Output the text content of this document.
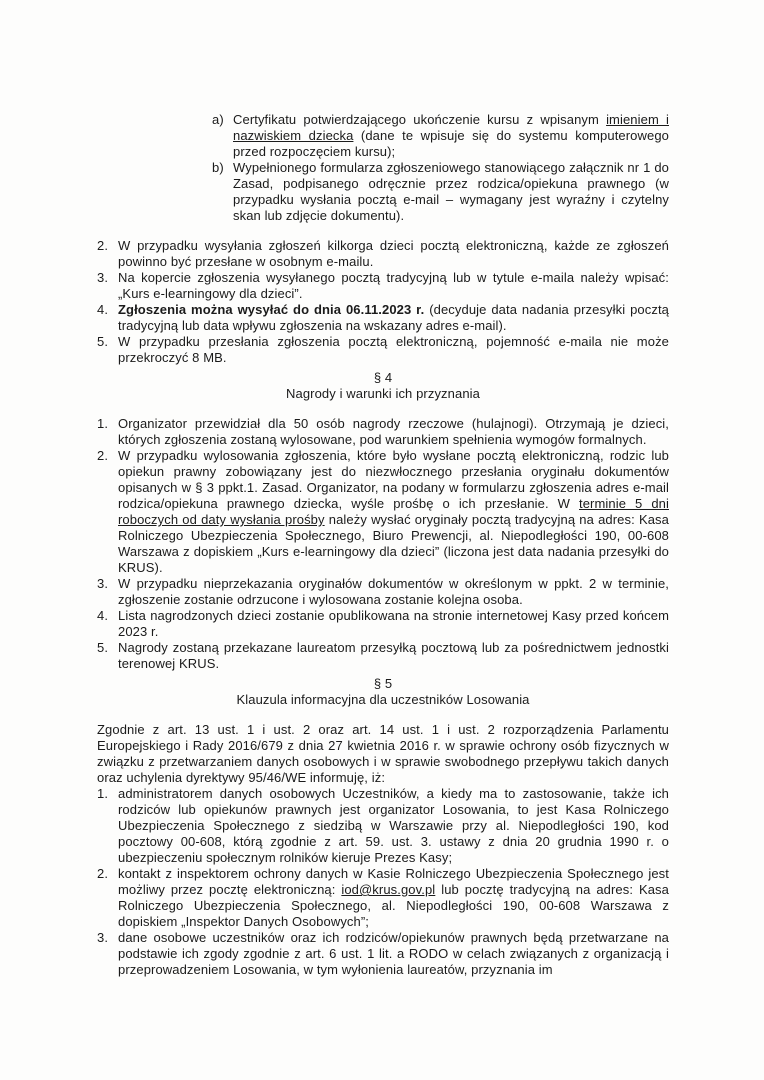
a) Certyfikatu potwierdzającego ukończenie kursu z wpisanym imieniem i nazwiskiem dziecka (dane te wpisuje się do systemu komputerowego przed rozpoczęciem kursu);
b) Wypełnionego formularza zgłoszeniowego stanowiącego załącznik nr 1 do Zasad, podpisanego odręcznie przez rodzica/opiekuna prawnego (w przypadku wysłania pocztą e-mail – wymagany jest wyraźny i czytelny skan lub zdjęcie dokumentu).
2. W przypadku wysyłania zgłoszeń kilkorga dzieci pocztą elektroniczną, każde ze zgłoszeń powinno być przesłane w osobnym e-mailu.
3. Na kopercie zgłoszenia wysyłanego pocztą tradycyjną lub w tytule e-maila należy wpisać: „Kurs e-learningowy dla dzieci”.
4. Zgłoszenia można wysyłać do dnia 06.11.2023 r. (decyduje data nadania przesyłki pocztą tradycyjną lub data wpływu zgłoszenia na wskazany adres e-mail).
5. W przypadku przesłania zgłoszenia pocztą elektroniczną, pojemność e-maila nie może przekroczyć 8 MB.
§ 4
Nagrody i warunki ich przyznania
1. Organizator przewidział dla 50 osób nagrody rzeczowe (hulajnogi). Otrzymają je dzieci, których zgłoszenia zostaną wylosowane, pod warunkiem spełnienia wymogów formalnych.
2. W przypadku wylosowania zgłoszenia, które było wysłane pocztą elektroniczną, rodzic lub opiekun prawny zobowiązany jest do niezwłocznego przesłania oryginału dokumentów opisanych w § 3 ppkt.1. Zasad. Organizator, na podany w formularzu zgłoszenia adres e-mail rodzica/opiekuna prawnego dziecka, wyśle prośbę o ich przesłanie. W terminie 5 dni roboczych od daty wysłania prośby należy wysłać oryginały pocztą tradycyjną na adres: Kasa Rolniczego Ubezpieczenia Społecznego, Biuro Prewencji, al. Niepodległości 190, 00-608 Warszawa z dopiskiem „Kurs e-learningowy dla dzieci” (liczona jest data nadania przesyłki do KRUS).
3. W przypadku nieprzekazania oryginałów dokumentów w określonym w ppkt. 2 w terminie, zgłoszenie zostanie odrzucone i wylosowana zostanie kolejna osoba.
4. Lista nagrodzonych dzieci zostanie opublikowana na stronie internetowej Kasy przed końcem 2023 r.
5. Nagrody zostaną przekazane laureatom przesyłką pocztową lub za pośrednictwem jednostki terenowej KRUS.
§ 5
Klauzula informacyjna dla uczestników Losowania

Zgodnie z art. 13 ust. 1 i ust. 2 oraz art. 14 ust. 1 i ust. 2 rozporządzenia Parlamentu Europejskiego i Rady 2016/679 z dnia 27 kwietnia 2016 r. w sprawie ochrony osób fizycznych w związku z przetwarzaniem danych osobowych i w sprawie swobodnego przepływu takich danych oraz uchylenia dyrektywy 95/46/WE informuję, iż:

1. administratorem danych osobowych Uczestników, a kiedy ma to zastosowanie, także ich rodziców lub opiekunów prawnych jest organizator Losowania, to jest Kasa Rolniczego Ubezpieczenia Społecznego z siedzibą w Warszawie przy al. Niepodległości 190, kod pocztowy 00-608, którą zgodnie z art. 59. ust. 3. ustawy z dnia 20 grudnia 1990 r. o ubezpieczeniu społecznym rolników kieruje Prezes Kasy;
2. kontakt z inspektorem ochrony danych w Kasie Rolniczego Ubezpieczenia Społecznego jest możliwy przez pocztę elektroniczną: iod@krus.gov.pl lub pocztę tradycyjną na adres: Kasa Rolniczego Ubezpieczenia Społecznego, al. Niepodległości 190, 00-608 Warszawa z dopiskiem „Inspektor Danych Osobowych”;
3. dane osobowe uczestników oraz ich rodziców/opiekunów prawnych będą przetwarzane na podstawie ich zgody zgodnie z art. 6 ust. 1 lit. a RODO w celach związanych z organizacją i przeprowadzeniem Losowania, w tym wyłonienia laureatów, przyznania im
